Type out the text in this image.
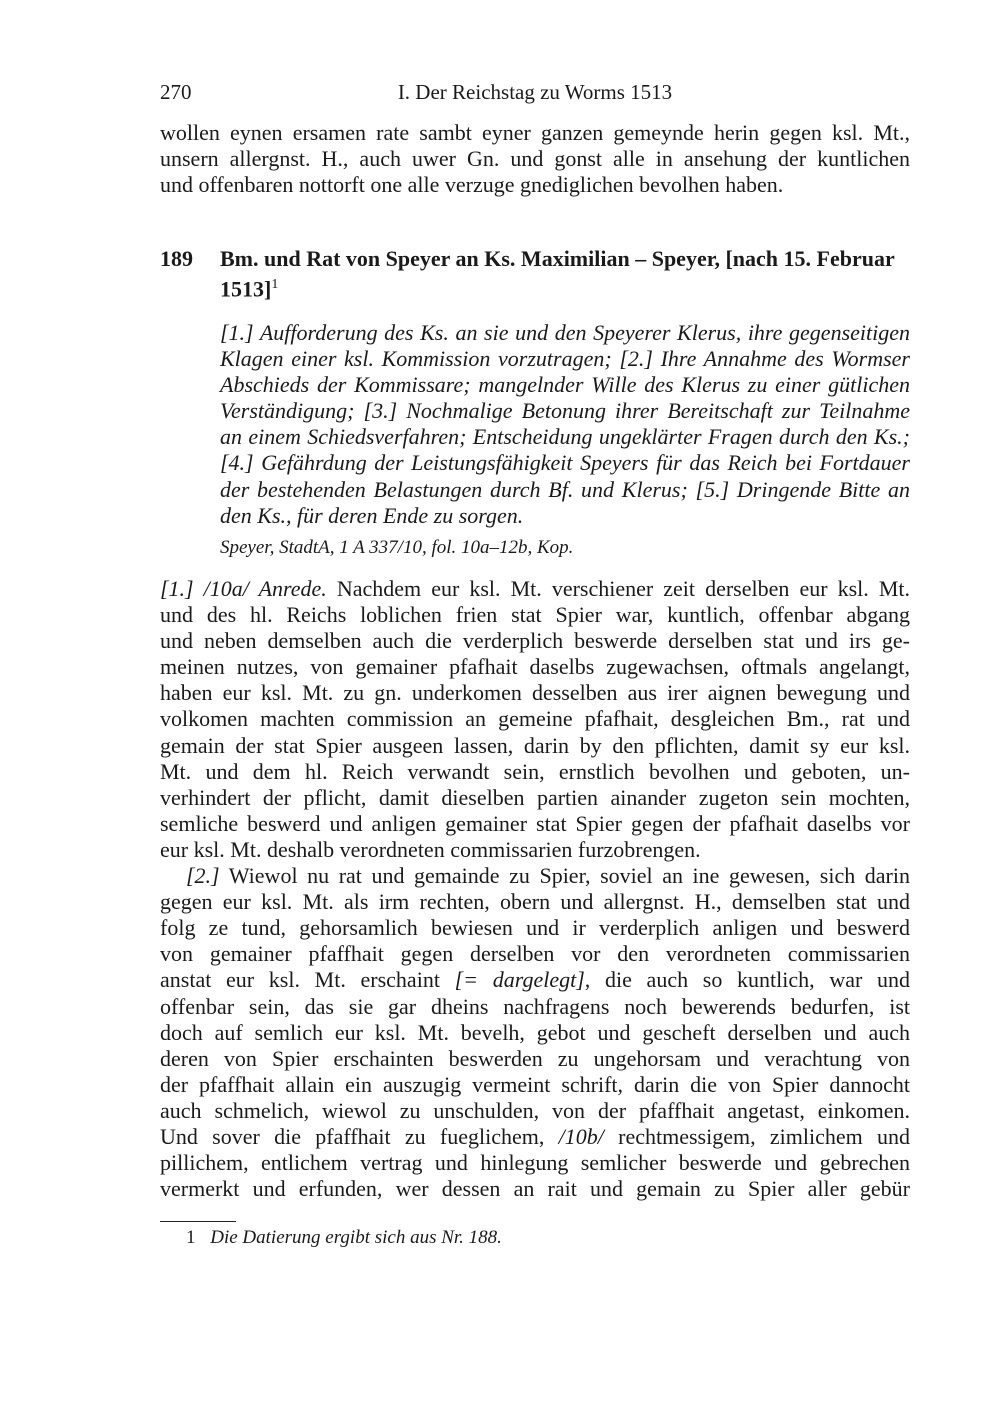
270	I. Der Reichstag zu Worms 1513
wollen eynen ersamen rate sambt eyner ganzen gemeynde herin gegen ksl. Mt.,
unsern allergnst. H., auch uwer Gn. und gonst alle in ansehung der kuntlichen
und offenbaren nottorft one alle verzuge gnediglichen bevolhen haben.
189 Bm. und Rat von Speyer an Ks. Maximilian – Speyer, [nach 15. Februar 1513]$^1$
[1.] Aufforderung des Ks. an sie und den Speyerer Klerus, ihre gegenseitigen
Klagen einer ksl. Kommission vorzutragen; [2.] Ihre Annahme des Wormser
Abschieds der Kommissare; mangelnder Wille des Klerus zu einer gütlichen
Verständigung; [3.] Nochmalige Betonung ihrer Bereitschaft zur Teilnahme
an einem Schiedsverfahren; Entscheidung ungeklärter Fragen durch den Ks.;
[4.] Gefährdung der Leistungsfähigkeit Speyers für das Reich bei Fortdauer
der bestehenden Belastungen durch Bf. und Klerus; [5.] Dringende Bitte an
den Ks., für deren Ende zu sorgen.
Speyer, StadtA, 1 A 337/10, fol. 10a–12b, Kop.
[1.] /10a/ Anrede. Nachdem eur ksl. Mt. verschiener zeit derselben eur ksl. Mt.
und des hl. Reichs loblichen frien stat Spier war, kuntlich, offenbar abgang
und neben demselben auch die verderplich beswerde derselben stat und irs ge-
meinen nutzes, von gemainer pfafhait daselbs zugewachsen, oftmals angelangt,
haben eur ksl. Mt. zu gn. underkomen desselben aus irer aignen bewegung und
volkomen machten commission an gemeine pfafhait, desgleichen Bm., rat und
gemain der stat Spier ausgeen lassen, darin by den pflichten, damit sy eur ksl.
Mt. und dem hl. Reich verwandt sein, ernstlich bevolhen und geboten, un-
verhindert der pflicht, damit dieselben partien ainander zugeton sein mochten,
semliche beswerd und anligen gemainer stat Spier gegen der pfafhait daselbs vor
eur ksl. Mt. deshalb verordneten commissarien furzobrengen.
[2.] Wiewol nu rat und gemainde zu Spier, soviel an ine gewesen, sich darin
gegen eur ksl. Mt. als irm rechten, obern und allergnst. H., demselben stat und
folg ze tund, gehorsamlich bewiesen und ir verderplich anligen und beswerd
von gemainer pfaffhait gegen derselben vor den verordneten commissarien
anstat eur ksl. Mt. erschaint [= dargelegt], die auch so kuntlich, war und
offenbar sein, das sie gar dheins nachfragens noch bewerends bedurfen, ist
doch auf semlich eur ksl. Mt. bevelh, gebot und gescheft derselben und auch
deren von Spier erschainten beswerden zu ungehorsam und verachtung von
der pfaffhait allain ein auszugig vermeint schrift, darin die von Spier dannocht
auch schmelich, wiewol zu unschulden, von der pfaffhait angetast, einkomen.
Und sover die pfaffhait zu fueglichem, /10b/ rechtmessigem, zimlichem und
pillichem, entlichem vertrag und hinlegung semlicher beswerde und gebrechen
vermerkt und erfunden, wer dessen an rait und gemain zu Spier aller gebür
1 Die Datierung ergibt sich aus Nr. 188.
